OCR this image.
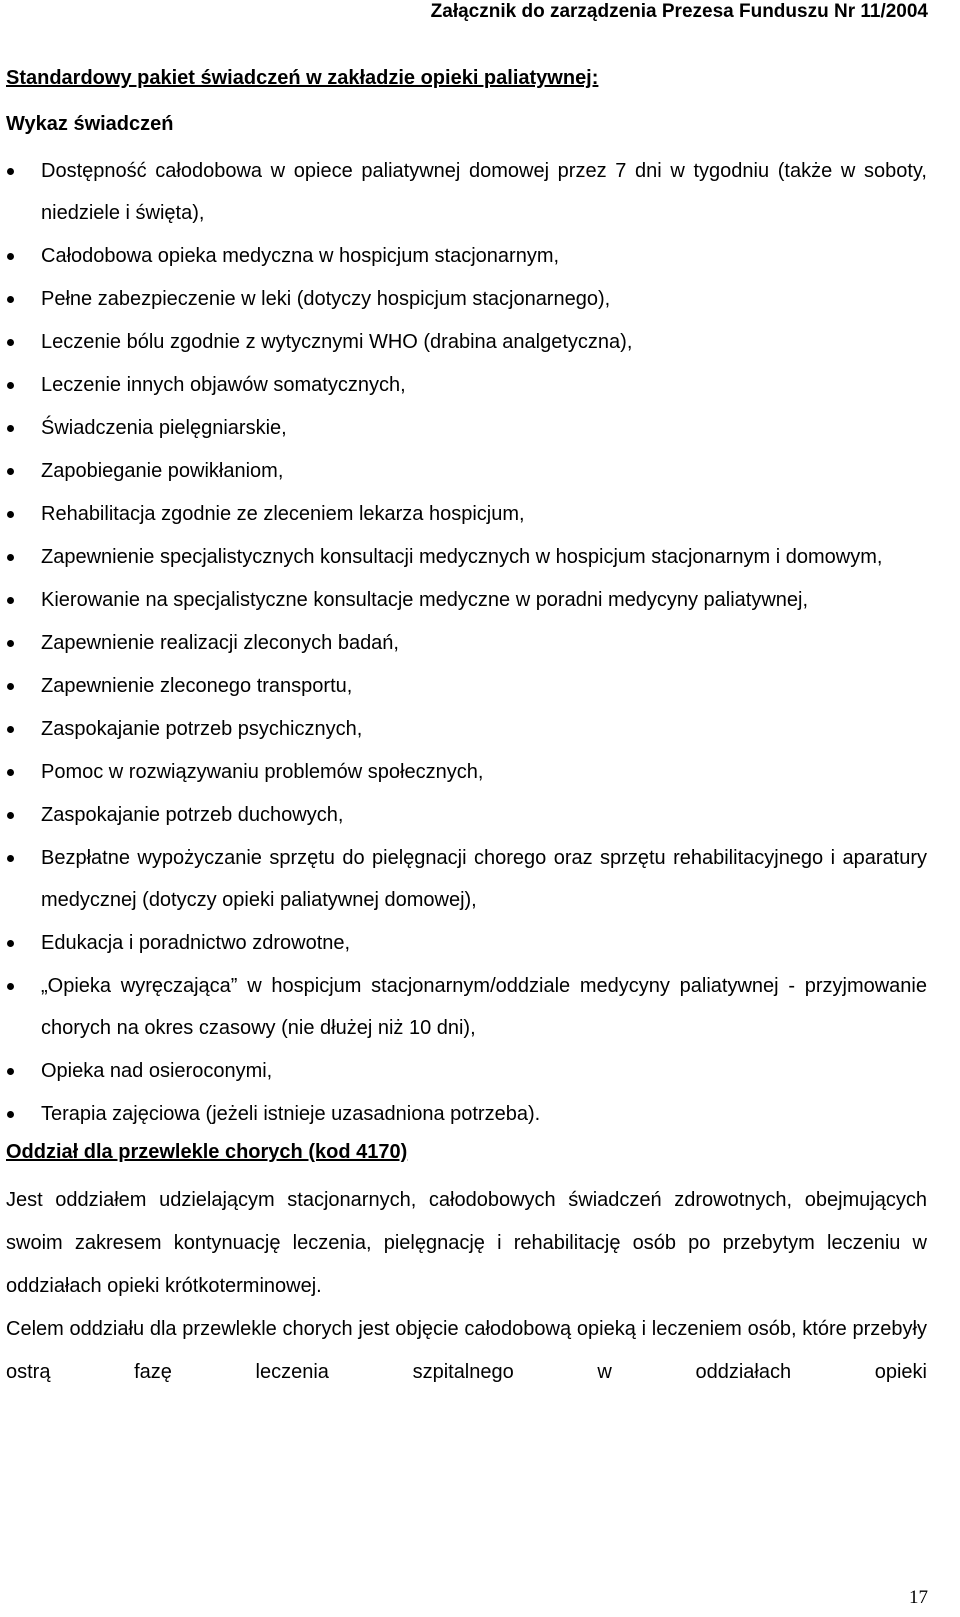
Załącznik do zarządzenia Prezesa Funduszu Nr 11/2004
Standardowy pakiet świadczeń w zakładzie opieki paliatywnej:
Wykaz świadczeń
Dostępność całodobowa w opiece paliatywnej domowej przez 7 dni w tygodniu (także w soboty, niedziele i święta),
Całodobowa opieka medyczna w hospicjum stacjonarnym,
Pełne zabezpieczenie w leki (dotyczy hospicjum stacjonarnego),
Leczenie bólu zgodnie z wytycznymi WHO (drabina analgetyczna),
Leczenie innych objawów somatycznych,
Świadczenia pielęgniarskie,
Zapobieganie powikłaniom,
Rehabilitacja zgodnie ze zleceniem lekarza hospicjum,
Zapewnienie specjalistycznych konsultacji medycznych w hospicjum stacjonarnym i domowym,
Kierowanie na specjalistyczne konsultacje medyczne w poradni medycyny paliatywnej,
Zapewnienie realizacji zleconych badań,
Zapewnienie zleconego transportu,
Zaspokajanie potrzeb psychicznych,
Pomoc w rozwiązywaniu problemów społecznych,
Zaspokajanie potrzeb duchowych,
Bezpłatne wypożyczanie sprzętu do pielęgnacji chorego oraz sprzętu rehabilitacyjnego i aparatury medycznej (dotyczy opieki paliatywnej domowej),
Edukacja i poradnictwo zdrowotne,
„Opieka wyręczająca” w hospicjum stacjonarnym/oddziale medycyny paliatywnej - przyjmowanie chorych na okres czasowy (nie dłużej niż 10 dni),
Opieka nad osieroconymi,
Terapia zajęciowa (jeżeli istnieje uzasadniona potrzeba).
Oddział dla przewlekle chorych (kod 4170)

Jest oddziałem udzielającym stacjonarnych, całodobowych świadczeń zdrowotnych, obejmujących swoim zakresem kontynuację leczenia, pielęgnację i rehabilitację osób po przebytym leczeniu w oddziałach opieki krótkoterminowej.

Celem oddziału dla przewlekle chorych jest objęcie całodobową opieką i leczeniem osób, które przebyły ostrą fazę leczenia szpitalnego w oddziałach opieki

17
